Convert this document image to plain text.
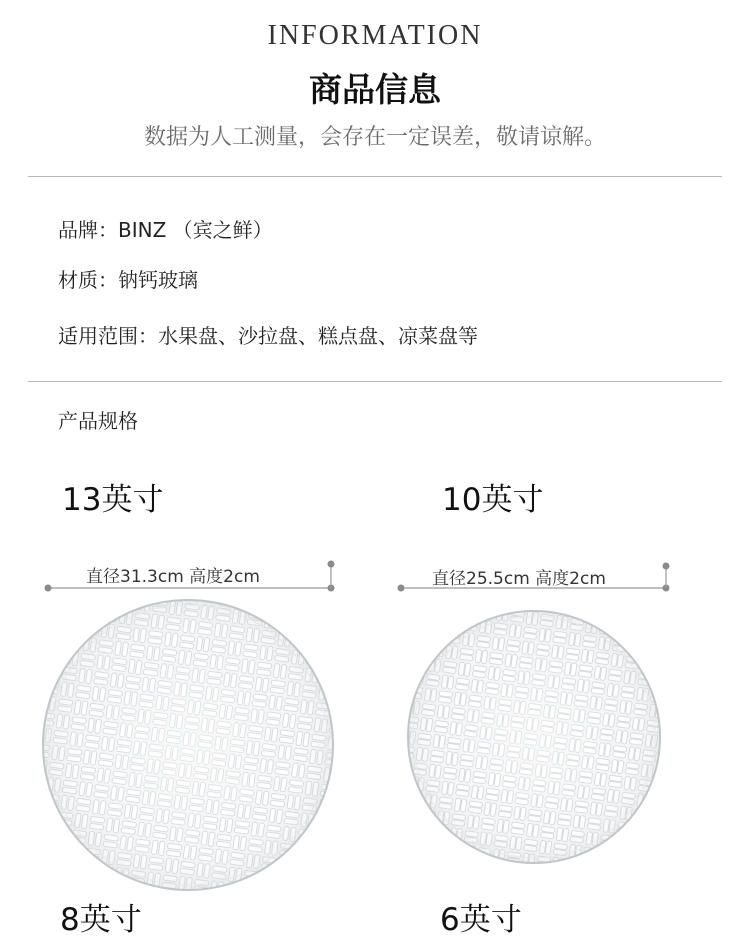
INFORMATION
商品信息
数据为人工测量，会存在一定误差，敬请谅解。
品牌：BINZ （宾之鲜）
材质：钠钙玻璃
适用范围：水果盘、沙拉盘、糕点盘、凉菜盘等
产品规格
13英寸	10英寸
直径31.3cm 高度2cm	直径25.5cm 高度2cm
8英寸	6英寸
